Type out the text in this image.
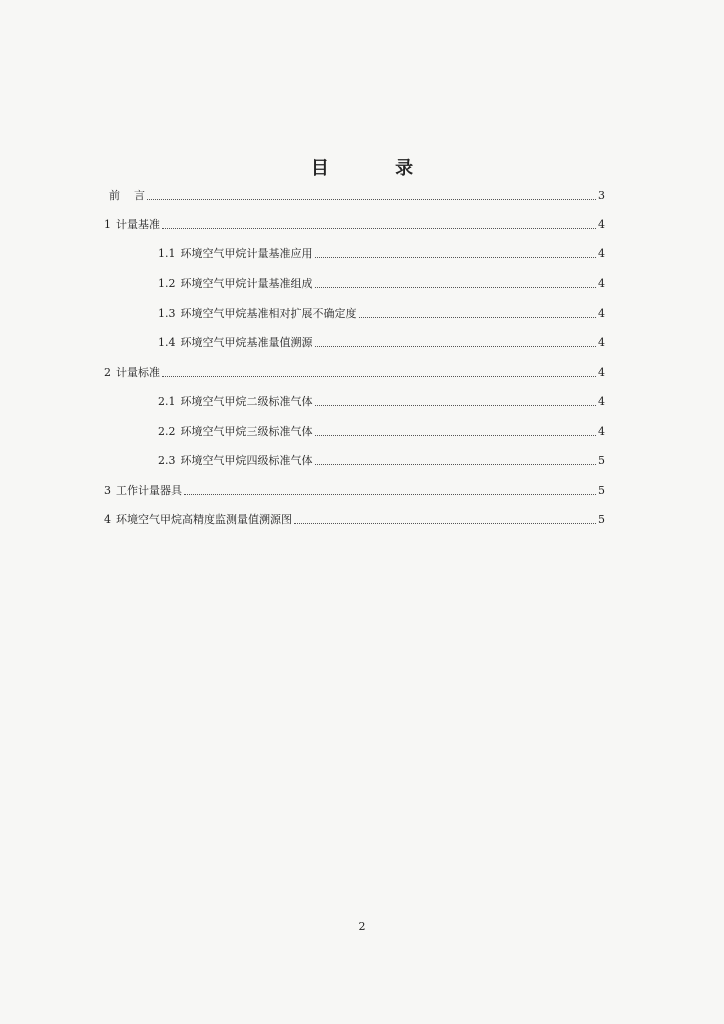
目 录
前    言	3
1 计量基准	4
1.1 环境空气甲烷计量基准应用	4
1.2 环境空气甲烷计量基准组成	4
1.3 环境空气甲烷基准相对扩展不确定度	4
1.4 环境空气甲烷基准量值溯源	4
2 计量标准	4
2.1 环境空气甲烷二级标准气体	4
2.2 环境空气甲烷三级标准气体	4
2.3 环境空气甲烷四级标准气体	5
3 工作计量器具	5
4 环境空气甲烷高精度监测量值溯源图	5
2
